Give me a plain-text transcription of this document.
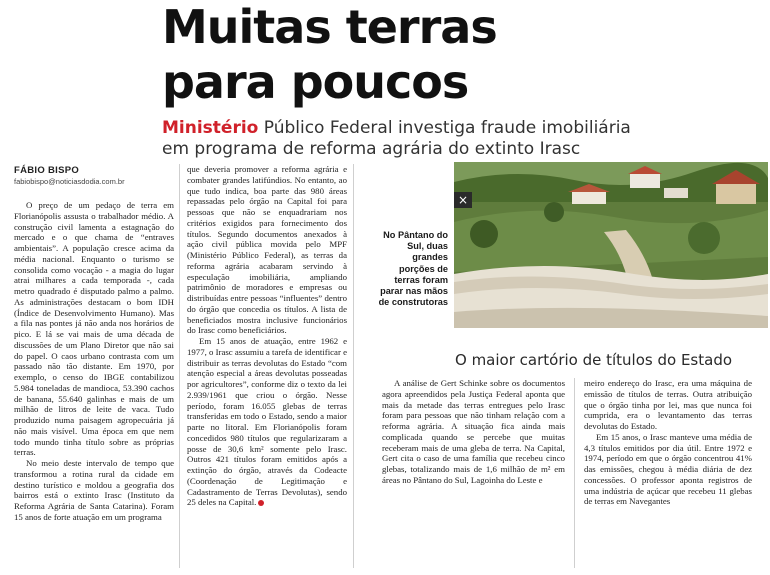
Muitas terras
para poucos
Ministério Público Federal investiga fraude imobiliária
em programa de reforma agrária do extinto Irasc
FÁBIO BISPO
fabiobispo@noticiasdodia.com.br

O preço de um pedaço de terra em Florianópolis assusta o trabalhador médio. A construção civil lamenta a estagnação do mercado e o que chama de “entraves ambientais”. A população cresce acima da média nacional. Enquanto o turismo se consolida como vocação - a magia do lugar atrai milhares a cada temporada -, cada metro quadrado é disputado palmo a palmo. As administrações destacam o bom IDH (Índice de Desenvolvimento Humano). Mas a fila nas pontes já não anda nos horários de pico. E lá se vai mais de uma década de discussões de um Plano Diretor que não sai do papel. O caos urbano contrasta com um passado não tão distante. Em 1970, por exemplo, o censo do IBGE contabilizou 5.984 toneladas de mandioca, 53.390 cachos de banana, 55.640 galinhas e mais de um milhão de litros de leite de vaca. Tudo produzido numa paisagem agropecuária já não mais visível. Uma época em que nem todo mundo tinha título sobre as próprias terras.

No meio deste intervalo de tempo que transformou a rotina rural da cidade em destino turístico e moldou a geografia dos bairros está o extinto Irasc (Instituto da Reforma Agrária de Santa Catarina). Foram 15 anos de forte atuação em um programa

que deveria promover a reforma agrária e combater grandes latifúndios. No entanto, ao que tudo indica, boa parte das 980 áreas repassadas pelo órgão na Capital foi para pessoas que não se enquadrariam nos critérios exigidos para fornecimento dos títulos. Segundo documentos anexados à ação civil pública movida pelo MPF (Ministério Público Federal), as terras da reforma agrária acabaram servindo à especulação imobiliária, ampliando patrimônio de moradores e empresas ou distribuídas entre pessoas “influentes” dentro do órgão que concedia os títulos. A lista de beneficiados mostra inclusive funcionários do Irasc como beneficiários.

Em 15 anos de atuação, entre 1962 e 1977, o Irasc assumiu a tarefa de identificar e distribuir as terras devolutas do Estado “com atenção especial a áreas devolutas posseadas por agricultores”, conforme diz o texto da lei 2.939/1961 que criou o órgão. Nesse período, foram 16.055 glebas de terras transferidas em todo o Estado, sendo a maior parte no litoral. Em Florianópolis foram concedidos 980 títulos que regularizaram a posse de 30,6 km² somente pelo Irasc. Outros 421 títulos foram emitidos após a extinção do órgão, através da Codeacte (Coordenação de Legitimação e Cadastramento de Terras Devolutas), sendo 25 deles na Capital.

No Pântano do Sul, duas grandes porções de terras foram parar nas mãos de construtoras
×
O maior cartório de títulos do Estado

A análise de Gert Schinke sobre os documentos agora apreendidos pela Justiça Federal aponta que mais da metade das terras entregues pelo Irasc foram para pessoas que não tinham relação com a reforma agrária. A situação fica ainda mais complicada quando se percebe que muitas receberam mais de uma gleba de terra. Na Capital, Gert cita o caso de uma família que recebeu cinco glebas, totalizando mais de 1,6 milhão de m² em áreas no Pântano do Sul, Lagoinha do Leste e

meiro endereço do Irasc, era uma máquina de emissão de títulos de terras. Outra atribuição que o órgão tinha por lei, mas que nunca foi cumprida, era o levantamento das terras devolutas do Estado.

Em 15 anos, o Irasc manteve uma média de 4,3 títulos emitidos por dia útil. Entre 1972 e 1974, período em que o órgão concentrou 41% das emissões, chegou à média diária de dez concessões. O professor aponta registros de uma indústria de açúcar que recebeu 11 glebas de terras em Navegantes
